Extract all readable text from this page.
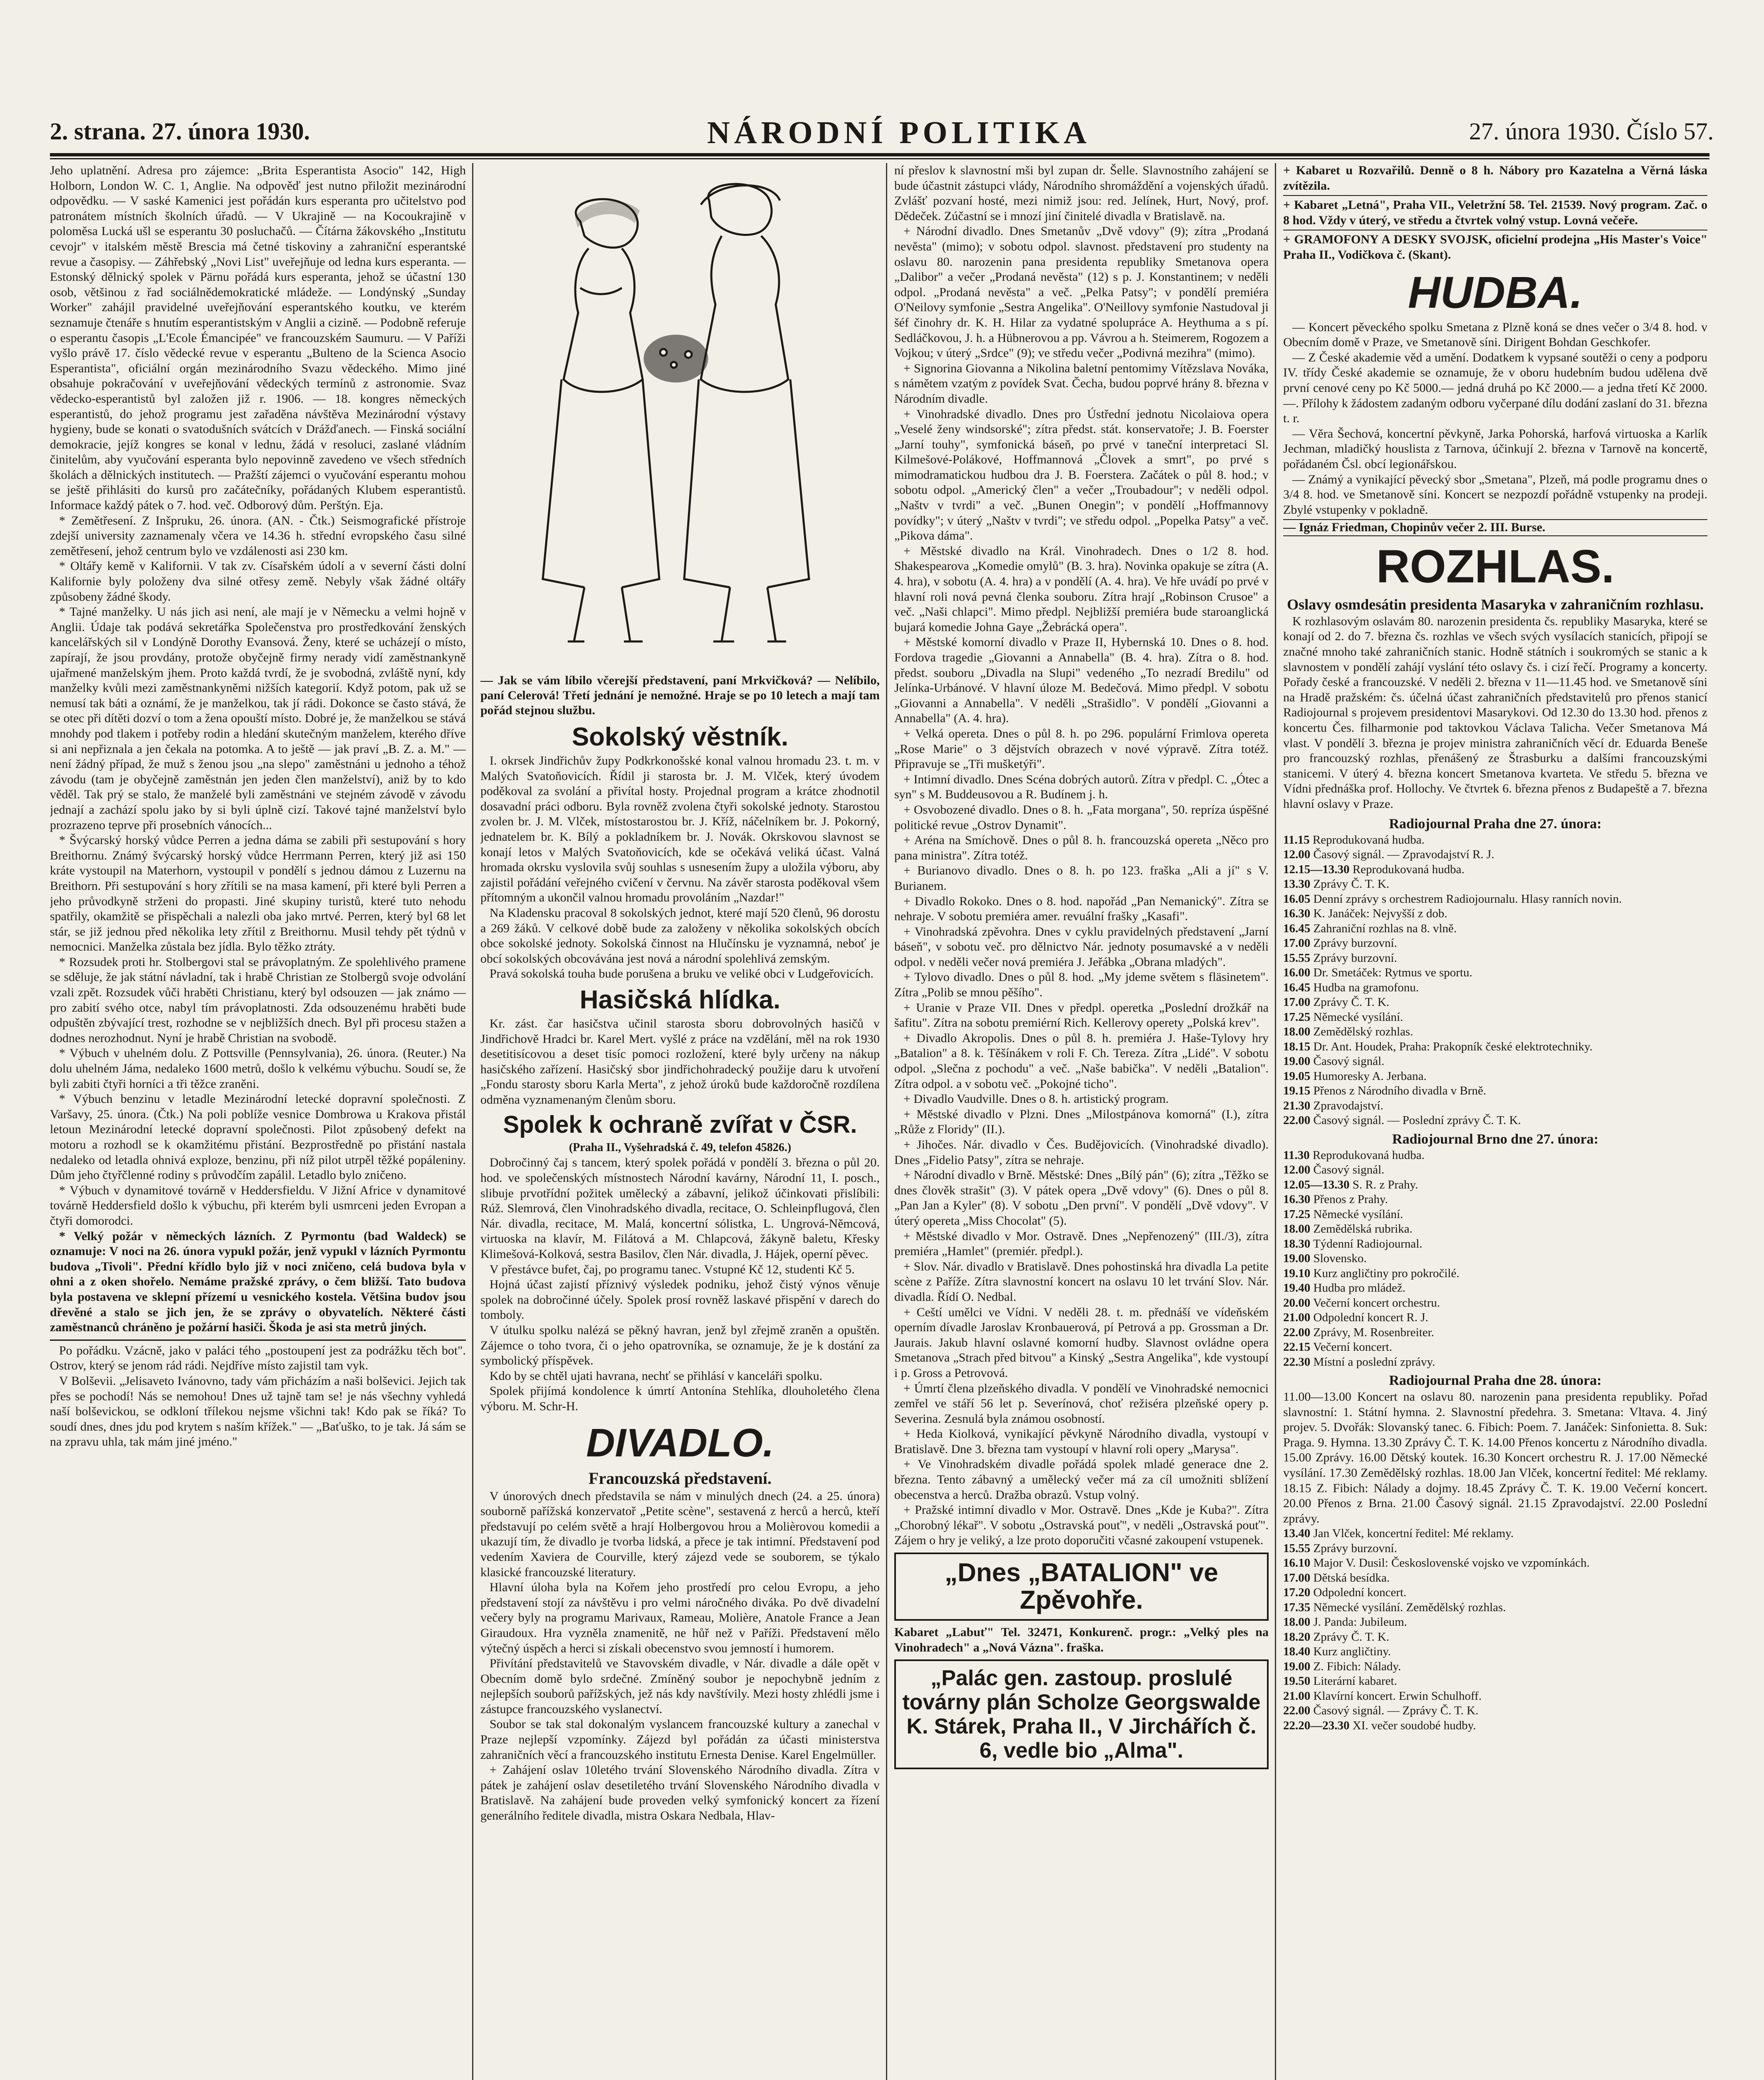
2. strana. 27. února 1930.	NÁRODNÍ POLITIKA	27. února 1930. Číslo 57.

Jeho uplatnění. Adresa pro zájemce: „Brita Esperantista Asocio" 142, High Holborn, London W. C. 1, Anglie. Na odpověď jest nutno přiložit mezinárodní odpovědku. — V saské Kamenici jest pořádán kurs esperanta pro učitelstvo pod patronátem místních školních úřadů. — V Ukrajině — na Kocoukrajině v poloměsa Lucká ušl se esperantu 30 posluchačů. — Čítárna žákovského „Institutu cevojr" v italském městě Brescia má četné tiskoviny a zahraniční esperantské revue a časopisy. — Záhřebský „Novi List" uveřejňuje od ledna kurs esperanta. — Estonský dělnický spolek v Pärnu pořádá kurs esperanta, jehož se účastní 130 osob, většinou z řad sociálnědemokratické mládeže. — Londýnský „Sunday Worker" zahájil pravidelné uveřejňování esperantského koutku, ve kterém seznamuje čtenáře s hnutím esperantistským v Anglii a cizině. — Podobně referuje o esperantu časopis „L'Ecole Émancipée" ve francouzském Saumuru. — V Paříži vyšlo právě 17. číslo vědecké revue v esperantu „Bulteno de la Scienca Asocio Esperantista", oficiální orgán mezinárodního Svazu vědeckého. Mimo jiné obsahuje pokračování v uveřejňování vědeckých termínů z astronomie. Svaz vědecko-esperantistů byl založen již r. 1906. — 18. kongres německých esperantistů, do jehož programu jest zařaděna návštěva Mezinárodní výstavy hygieny, bude se konati o svatodušních svátcích v Drážďanech. — Finská sociální demokracie, jejíž kongres se konal v lednu, žádá v resoluci, zaslané vládním činitelům, aby vyučování esperanta bylo nepovinně zavedeno ve všech středních školách a dělnických institutech. — Pražští zájemci o vyučování esperantu mohou se ještě přihlásiti do kursů pro začátečníky, pořádaných Klubem esperantistů. Informace každý pátek o 7. hod. več. Odborový dům. Perštýn. Eja.

* Zemětřesení. Z Inšpruku, 26. února. (AN. - Čtk.) Seismografické přístroje zdejší university zaznamenaly včera ve 14.36 h. střední evropského času silné zemětřesení, jehož centrum bylo ve vzdálenosti asi 230 km.

* Oltářy kemě v Kalifornii. V tak zv. Císařském údolí a v severní části dolní Kalifornie byly položeny dva silné otřesy země. Nebyly však žádné oltářy způsobeny žádné škody.

* Tajné manželky. U nás jich asi není, ale mají je v Německu a velmi hojně v Anglii. Údaje tak podává sekretářka Společenstva pro prostředkování ženských kancelářských sil v Londýně Dorothy Evansová. Ženy, které se ucházejí o místo, zapírají, že jsou provdány, protože obyčejně firmy nerady vidí zaměstnankyně ujařmené manželským jhem. Proto každá tvrdí, že je svobodná, zvláště nyní, kdy manželky kvůli mezi zaměstnankyněmi nižších kategorií. Když potom, pak už se nemusí tak báti a oznámí, že je manželkou, tak jí rádi. Dokonce se často stává, že se otec při dítěti dozví o tom a žena opouští místo. Dobré je, že manželkou se stává mnohdy pod tlakem i potřeby rodin a hledání skutečným manželem, kterého dříve si ani nepřiznala a jen čekala na potomka. A to ještě — jak praví „B. Z. a. M." — není žádný případ, že muž s ženou jsou „na slepo" zaměstnáni u jednoho a téhož závodu (tam je obyčejně zaměstnán jen jeden člen manželství), aniž by to kdo věděl. Tak prý se stalo, že manželé byli zaměstnáni ve stejném závodě v závodu jednají a zachází spolu jako by si byli úplně cizí. Takové tajné manželství bylo prozrazeno teprve při prosebních vánocích...

* Švýcarský horský vůdce Perren a jedna dáma se zabili při sestupování s hory Breithornu. Známý švýcarský horský vůdce Herrmann Perren, který již asi 150 kráte vystoupil na Materhorn, vystoupil v pondělí s jednou dámou z Luzernu na Breithorn. Při sestupování s hory zřítili se na masa kamení, při které byli Perren a jeho průvodkyně strženi do propasti. Jiné skupiny turistů, které tuto nehodu spatřily, okamžitě se přispěchali a nalezli oba jako mrtvé. Perren, který byl 68 let stár, se již jednou před několika lety zřítil z Breithornu. Musil tehdy pět týdnů v nemocnici. Manželka zůstala bez jídla. Bylo těžko ztráty.

* Rozsudek proti hr. Stolbergovi stal se právoplatným. Ze spolehlivého pramene se sděluje, že jak státní návladní, tak i hrabě Christian ze Stolbergů svoje odvolání vzali zpět. Rozsudek vůči hraběti Christianu, který byl odsouzen — jak známo — pro zabití svého otce, nabyl tím právoplatnosti. Zda odsouzenému hraběti bude odpuštěn zbývající trest, rozhodne se v nejbližších dnech. Byl při procesu stažen a dodnes nerozhodnut. Nyní je hrabě Christian na svobodě.

* Výbuch v uhelném dolu. Z Pottsville (Pennsylvania), 26. února. (Reuter.) Na dolu uhelném Jáma, nedaleko 1600 metrů, došlo k velkému výbuchu. Soudí se, že byli zabiti čtyři horníci a tři těžce zraněni.

* Výbuch benzinu v letadle Mezinárodní letecké dopravní společnosti. Z Varšavy, 25. února. (Čtk.) Na poli poblíže vesnice Dombrowa u Krakova přistál letoun Mezinárodní letecké dopravní společnosti. Pilot způsobený defekt na motoru a rozhodl se k okamžitému přistání. Bezprostředně po přistání nastala nedaleko od letadla ohnivá exploze, benzinu, při níž pilot utrpěl těžké popáleniny. Dům jeho čtyřčlenné rodiny s průvodčím zapálil. Letadlo bylo zničeno.

* Výbuch v dynamitové továrně v Heddersfieldu. V Jižní Africe v dynamitové továrně Heddersfield došlo k výbuchu, při kterém byli usmrceni jeden Evropan a čtyři domorodci.

* Velký požár v německých lázních. Z Pyrmontu (bad Waldeck) se oznamuje: V noci na 26. února vypukl požár, jenž vypukl v lázních Pyrmontu budova „Tivoli". Přední křídlo bylo již v noci zničeno, celá budova byla v ohni a z oken shořelo. Nemáme pražské zprávy, o čem bližší. Tato budova byla postavena ve sklepní přízemí u vesnického kostela. Většina budov jsou dřevěné a stalo se jich jen, že se zprávy o obyvatelích. Některé části zaměstnanců chráněno je požární hasiči. Škoda je asi sta metrů jiných.

Po pořádku. Vzácně, jako v paláci tého „postoupení jest za podrážku těch bot". Ostrov, který se jenom rád rádi. Nejdříve místo zajistil tam vyk.

V Bolševii. „Jelisaveto Ivánovno, tady vám přicházím a naši bolševici. Jejich tak přes se pochodí! Nás se nemohou! Dnes už tajně tam se! je nás všechny vyhledá naší bolševickou, se odkloní třílekou nejsme všichni tak! Kdo pak se říká? To soudí dnes, dnes jdu pod krytem s naším křížek." — „Baťuško, to je tak. Já sám se na zpravu uhla, tak mám jiné jméno."

— Jak se vám líbilo včerejší představení, paní Mrkvičková? — Nelíbilo, paní Celerová! Třetí jednání je nemožné. Hraje se po 10 letech a mají tam pořád stejnou službu.

Sokolský věstník.

I. okrsek Jindřichův župy Podkrkonošské konal valnou hromadu 23. t. m. v Malých Svatoňovicích. Řídil ji starosta br. J. M. Vlček, který úvodem poděkoval za svolání a přivítal hosty. Projednal program a krátce zhodnotil dosavadní práci odboru. Byla rovněž zvolena čtyři sokolské jednoty. Starostou zvolen br. J. M. Vlček, místostarostou br. J. Kříž, náčelníkem br. J. Pokorný, jednatelem br. K. Bílý a pokladníkem br. J. Novák. Okrskovou slavnost se konají letos v Malých Svatoňovicích, kde se očekává veliká účast. Valná hromada okrsku vyslovila svůj souhlas s usnesením župy a uložila výboru, aby zajistil pořádání veřejného cvičení v červnu. Na závěr starosta poděkoval všem přítomným a ukončil valnou hromadu provoláním „Nazdar!"

Na Kladensku pracoval 8 sokolských jednot, které mají 520 členů, 96 dorostu a 269 žáků. V celkové době bude za založeny v několika sokolských obcích obce sokolské jednoty. Sokolská činnost na Hlučínsku je vyznamná, neboť je obcí sokolských obcovávána jest nová a národní spolehlivá zemským.

Pravá sokolská touha bude porušena a bruku ve veliké obci v Ludgeřovicích.

Hasičská hlídka.

Kr. zást. čar hasičstva učinil starosta sboru dobrovolných hasičů v Jindřichově Hradci br. Karel Mert. vyšlé z práce na vzdělání, měl na rok 1930 desetitisícovou a deset tisíc pomoci rozložení, které byly určeny na nákup hasičského zařízení. Hasičský sbor jindřichohradecký použije daru k utvoření „Fondu starosty sboru Karla Merta", z jehož úroků bude každoročně rozdílena odměna vyznamenaným členům sboru.

Spolek k ochraně zvířat v ČSR.
(Praha II., Vyšehradská č. 49, telefon 45826.)

Dobročinný čaj s tancem, který spolek pořádá v pondělí 3. března o půl 20. hod. ve společenských místnostech Národní kavárny, Národní 11, I. posch., slibuje prvotřídní požitek umělecký a zábavní, jelikož účinkovati přislíbili: Rúž. Slemrová, člen Vinohradského divadla, recitace, O. Schleinpflugová, člen Nár. divadla, recitace, M. Malá, koncertní sólistka, L. Ungrová-Němcová, virtuoska na klavír, M. Filátová a M. Chlapcová, žákyně baletu, Křesky Klimešová-Kolková, sestra Basilov, člen Nár. divadla, J. Hájek, operní pěvec.

V přestávce bufet, čaj, po programu tanec. Vstupné Kč 12, studenti Kč 5.

Hojná účast zajistí příznivý výsledek podniku, jehož čistý výnos věnuje spolek na dobročinné účely. Spolek prosí rovněž laskavé přispění v darech do tomboly.

V útulku spolku nalézá se pěkný havran, jenž byl zřejmě zraněn a opuštěn. Zájemce o toho tvora, či o jeho opatrovníka, se oznamuje, že je k dostání za symbolický příspěvek.

Kdo by se chtěl ujati havrana, nechť se přihlásí v kanceláři spolku.

Spolek přijímá kondolence k úmrtí Antonína Stehlíka, dlouholetého člena výboru. M. Schr-H.

DIVADLO.
Francouzská představení.

V únorových dnech představila se nám v minulých dnech (24. a 25. února) souborně pařížská konzervatoř „Petite scène", sestavená z herců a herců, kteří představují po celém světě a hrají Holbergovou hrou a Molièrovou komedii a ukazují tím, že divadlo je tvorba lidská, a přece je tak intimní. Představení pod vedením Xaviera de Courville, který zájezd vede se souborem, se týkalo klasické francouzské literatury.

Hlavní úloha byla na Kořem jeho prostředí pro celou Evropu, a jeho představení stojí za návštěvu i pro velmi náročného diváka. Po dvě divadelní večery byly na programu Marivaux, Rameau, Molière, Anatole France a Jean Giraudoux. Hra vyzněla znamenitě, ne hůř než v Paříži. Představení mělo výtečný úspěch a herci si získali obecenstvo svou jemností i humorem.

Přivítání představitelů ve Stavovském divadle, v Nár. divadle a dále opět v Obecním domě bylo srdečné. Zmíněný soubor je nepochybně jedním z nejlepších souborů pařížských, jež nás kdy navštívily. Mezi hosty zhlédli jsme i zástupce francouzského vyslanectví.

Soubor se tak stal dokonalým vyslancem francouzské kultury a zanechal v Praze nejlepší vzpomínky. Zájezd byl pořádán za účasti ministerstva zahraničních věcí a francouzského institutu Ernesta Denise. Karel Engelmüller.

+ Zahájení oslav 10letého trvání Slovenského Národního divadla. Zítra v pátek je zahájení oslav desetiletého trvání Slovenského Národního divadla v Bratislavě. Na zahájení bude proveden velký symfonický koncert za řízení generálního ředitele divadla, mistra Oskara Nedbala, Hlav-

ní přeslov k slavnostní mši byl zupan dr. Šelle. Slavnostního zahájení se bude účastnit zástupci vlády, Národního shromáždění a vojenských úřadů. Zvlášť pozvaní hosté, mezi nimiž jsou: red. Jelínek, Hurt, Nový, prof. Dědeček. Zúčastní se i mnozí jiní činitelé divadla v Bratislavě. na.

+ Národní divadlo. Dnes Smetanův „Dvě vdovy" (9); zítra „Prodaná nevěsta" (mimo); v sobotu odpol. slavnost. představení pro studenty na oslavu 80. narozenin pana presidenta republiky Smetanova opera „Dalibor" a večer „Prodaná nevěsta" (12) s p. J. Konstantinem; v neděli odpol. „Prodaná nevěsta" a več. „Pelka Patsy"; v pondělí premiéra O'Neilovy symfonie „Sestra Angelika". O'Neillovy symfonie Nastudoval ji šéf činohry dr. K. H. Hilar za vydatné spolupráce A. Heythuma a s pí. Sedláčkovou, J. h. a Hübnerovou a pp. Vávrou a h. Steimerem, Rogozem a Vojkou; v úterý „Srdce" (9); ve středu večer „Podivná mezihra" (mimo).

+ Signorina Giovanna a Nikolina baletní pentomimy Vítězslava Nováka, s námětem vzatým z povídek Svat. Čecha, budou poprvé hrány 8. března v Národním divadle.

+ Vinohradské divadlo. Dnes pro Ústřední jednotu Nicolaiova opera „Veselé ženy windsorské"; zítra předst. stát. konservatoře; J. B. Foerster „Jarní touhy", symfonická báseň, po prvé v taneční interpretaci Sl. Kilmešové-Polákové, Hoffmannová „Človek a smrt", po prvé s mimodramatickou hudbou dra J. B. Foerstera. Začátek o půl 8. hod.; v sobotu odpol. „Americký člen" a večer „Troubadour"; v neděli odpol. „Naštv v tvrdi" a več. „Bunen Onegin"; v pondělí „Hoffmannovy povídky"; v úterý „Naštv v tvrdi"; ve středu odpol. „Popelka Patsy" a več. „Pikova dáma".

+ Městské divadlo na Král. Vinohradech. Dnes o 1/2 8. hod. Shakespearova „Komedie omylů" (B. 3. hra). Novinka opakuje se zítra (A. 4. hra), v sobotu (A. 4. hra) a v pondělí (A. 4. hra). Ve hře uvádí po prvé v hlavní roli nová pevná členka souboru. Zítra hrají „Robinson Crusoe" a več. „Naši chlapci". Mimo předpl. Nejbližší premiéra bude staroanglická bujará komedie Johna Gaye „Žebrácká opera".

+ Městské komorní divadlo v Praze II, Hybernská 10. Dnes o 8. hod. Fordova tragedie „Giovanni a Annabella" (B. 4. hra). Zítra o 8. hod. předst. souboru „Divadla na Slupi" vedeného „To nezradí Bredilu" od Jelínka-Urbánové. V hlavní úloze M. Bedečová. Mimo předpl. V sobotu „Giovanni a Annabella". V neděli „Strašidlo". V pondělí „Giovanni a Annabella" (A. 4. hra).

+ Velká operetа. Dnes o půl 8. h. po 296. populární Frimlova opereta „Rose Marie" o 3 dějstvích obrazech v nové výpravě. Zítra totéž. Připravuje se „Tři mušketýři".

+ Intimní divadlo. Dnes Scéna dobrých autorů. Zítra v předpl. C. „Ótec a syn" s M. Buddeusovou a R. Budínem j. h.

+ Osvobozené divadlo. Dnes o 8. h. „Fata morgana", 50. repríza úspěšné politické revue „Ostrov Dynamit".

+ Aréna na Smíchově. Dnes o půl 8. h. francouzská opereta „Něco pro pana ministra". Zítra totéž.

+ Burianovo divadlo. Dnes o 8. h. po 123. fraška „Ali a jí" s V. Burianem.

+ Divadlo Rokoko. Dnes o 8. hod. napořád „Pan Nemanický". Zítra se nehraje. V sobotu premiéra amer. revuální frašky „Kasafi".

+ Vinohradská zpěvohra. Dnes v cyklu pravidelných představení „Jarní báseň", v sobotu več. pro dělnictvo Nár. jednoty posumavské a v neděli odpol. v neděli večer nová premiéra J. Jeřábka „Obrana mladých".

+ Tylovo divadlo. Dnes o půl 8. hod. „My jdeme světem s fläsinetem". Zítra „Polib se mnou pěšího".

+ Uranie v Praze VII. Dnes v předpl. operetka „Poslední drožkář na šafitu". Zítra na sobotu premiérní Rich. Kellerovy operety „Polská krev".

+ Divadlo Akropolis. Dnes o půl 8. h. premiéra J. Haše-Tylovy hry „Batalion" a 8. k. Těšínákem v roli F. Ch. Tereza. Zítra „Lidé". V sobotu odpol. „Slečna z pochodu" a več. „Naše babička". V neděli „Batalion". Zítra odpol. a v sobotu več. „Pokojné ticho".

+ Divadlo Vaudville. Dnes o 8. h. artistický program.

+ Městské divadlo v Plzni. Dnes „Milostpánova komorná" (I.), zítra „Růže z Floridy" (II.).

+ Jihočes. Nár. divadlo v Čes. Budějovicích. (Vinohradské divadlo). Dnes „Fidelio Patsy", zítra se nehraje.

+ Národní divadlo v Brně. Městské: Dnes „Bílý pán" (6); zítra „Těžko se dnes člověk strašit" (3). V pátek opera „Dvě vdovy" (6). Dnes o půl 8. „Pan Jan a Kyler" (8). V sobotu „Den první". V pondělí „Dvě vdovy". V úterý opereta „Miss Chocolat" (5).

+ Městské divadlo v Mor. Ostravě. Dnes „Nepřenozený" (III./3), zítra premiéra „Hamlet" (premiér. předpl.).

+ Slov. Nár. divadlo v Bratislavě. Dnes pohostinská hra divadla La petite scène z Paříže. Zítra slavnostní koncert na oslavu 10 let trvání Slov. Nár. divadla. Řídí O. Nedbal.

+ Ceští umělci ve Vídni. V neděli 28. t. m. přednáší ve vídeňském operním dívadle Jaroslav Kronbauerová, pí Petrová a pp. Grossman a Dr. Jaurais. Jakub hlavní oslavné komorní hudby. Slavnost ovládne opera Smetanova „Strach před bitvou" a Kinský „Sestra Angelika", kde vystoupí i p. Gross a Petrovová.

+ Úmrtí člena plzeňského divadla. V pondělí ve Vinohradské nemocnici zemřel ve stáří 56 let p. Severínová, choť režiséra plzeňské opery p. Severina. Zesnulá byla známou osobností.

+ Heda Kiolková, vynikající pěvkyně Národního divadla, vystoupí v Bratislavě. Dne 3. března tam vystoupí v hlavní roli opery „Marysa".

+ Ve Vinohradském divadle pořádá spolek mladé generace dne 2. března. Tento zábavný a umělecký večer má za cíl umožniti sblížení obecenstva a herců. Dražba obrazů. Vstup volný.

+ Pražské intimní divadlo v Mor. Ostravě. Dnes „Kde je Kuba?". Zítra „Chorobný lékař". V sobotu „Ostravská pouť", v neděli „Ostravská pouť". Zájem o hry je veliký, a lze proto doporučiti včasné zakoupení vstupenek.

„Dnes „BATALION" ve Zpěvohře.

Kabaret „Labuť" Tel. 32471, Konkurenč. progr.: „Velký ples na Vinohradech" a „Nová Vázna". fraška.

„Palác gen. zastoup. proslulé továrny plán Scholze Georgswalde K. Stárek, Praha II., V Jirchářích č. 6, vedle bio „Alma".

+ Kabaret u Rozvařilů. Denně o 8 h. Nábory pro Kazatelna a Věrná láska zvítězila.

+ Kabaret „Letná", Praha VII., Veletržní 58. Tel. 21539. Nový program. Zač. o 8 hod. Vždy v úterý, ve středu a čtvrtek volný vstup. Lovná večeře.

+ GRAMOFONY A DESKY SVOJSK, oficielní prodejna „His Master's Voice" Praha II., Vodičkova č. (Skant).

HUDBA.

— Koncert pěveckého spolku Smetana z Plzně koná se dnes večer o 3/4 8. hod. v Obecním domě v Praze, ve Smetanově síni. Dirigent Bohdan Geschkofer.

— Z České akademie věd a umění. Dodatkem k vypsané soutěži o ceny a podporu IV. třídy České akademie se oznamuje, že v oboru hudebním budou udělena dvě první cenové ceny po Kč 5000.— jedná druhá po Kč 2000.— a jedna třetí Kč 2000.—. Přílohy k žádostem zadaným odboru vyčerpané dílu dodání zaslaní do 31. března t. r.

— Věra Šechová, koncertní pěvkyně, Jarka Pohorská, harfová virtuoska a Karlík Jechman, mladičký houslista z Tarnova, účinkují 2. března v Tarnově na koncertě, pořádaném Čsl. obcí legionářskou.

— Známý a vynikající pěvecký sbor „Smetana", Plzeň, má podle programu dnes o 3/4 8. hod. ve Smetanově síni. Koncert se nezpozdí pořádně vstupenky na prodeji. Zbylé vstupenky v pokladně.

— Ignáz Friedman, Chopinův večer 2. III. Burse.

ROZHLAS.
Oslavy osmdesátin presidenta Masaryka v zahraničním rozhlasu.

K rozhlasovým oslavám 80. narozenin presidenta čs. republiky Masaryka, které se konají od 2. do 7. března čs. rozhlas ve všech svých vysílacích stanicích, připojí se značné mnoho také zahraničních stanic. Hodně státních i soukromých se stanic a k slavnostem v pondělí zahájí vyslání této oslavy čs. i cizí řečí. Programy a koncerty. Pořady české a francouzské. V neděli 2. března v 11—11.45 hod. ve Smetanově síni na Hradě pražském: čs. účelná účast zahraničních představitelů pro přenos stanicí Radiojournal s projevem presidentovi Masarykovi. Od 12.30 do 13.30 hod. přenos z koncertu Čes. filharmonie pod taktovkou Václava Talicha. Večer Smetanova Má vlast. V pondělí 3. března je projev ministra zahraničních věcí dr. Eduarda Beneše pro francouzský rozhlas, přenášený ze Štrasburku a dalšími francouzskými stanicemi. V úterý 4. března koncert Smetanova kvarteta. Ve středu 5. března ve Vídni přednáška prof. Hollochy. Ve čtvrtek 6. března přenos z Budapeště a 7. března hlavní oslavy v Praze.

Radiojournal Praha dne 27. února:

11.15 Reprodukovaná hudba.

12.00 Časový signál. — Zpravodajství R. J.

12.15—13.30 Reprodukovaná hudba.

13.30 Zprávy Č. T. K.

16.05 Denní zprávy s orchestrem Radiojournalu. Hlasy ranních novin.

16.30 K. Janáček: Nejvyšší z dob.

16.45 Zahraniční rozhlas na 8. vlně.

17.00 Zprávy burzovní.

15.55 Zprávy burzovní.

16.00 Dr. Smetáček: Rytmus ve sportu.

16.45 Hudba na gramofonu.

17.00 Zprávy Č. T. K.

17.25 Německé vysílání.

18.00 Zemědělský rozhlas.

18.15 Dr. Ant. Houdek, Praha: Prakopník české elektrotechniky.

19.00 Časový signál.

19.05 Humoresky A. Jerbana.

19.15 Přenos z Národního divadla v Brně.

21.30 Zpravodajství.

22.00 Časový signál. — Poslední zprávy Č. T. K.

Radiojournal Brno dne 27. února:

11.30 Reprodukovaná hudba.

12.00 Časový signál.

12.05—13.30 S. R. z Prahy.

16.30 Přenos z Prahy.

17.25 Německé vysílání.

18.00 Zemědělská rubrika.

18.30 Týdenní Radiojournal.

19.00 Slovensko.

19.10 Kurz angličtiny pro pokročilé.

19.40 Hudba pro mládež.

20.00 Večerní koncert orchestru.

21.00 Odpolední koncert R. J.

22.00 Zprávy, M. Rosenbreiter.

22.15 Večerní koncert.

22.30 Místní a poslední zprávy.

Radiojournal Praha dne 28. února:

11.00—13.00 Koncert na oslavu 80. narozenin pana presidenta republiky. Pořad slavnostní: 1. Státní hymna. 2. Slavnostní předehra. 3. Smetana: Vltava. 4. Jiný projev. 5. Dvořák: Slovanský tanec. 6. Fibich: Poem. 7. Janáček: Sinfonietta. 8. Suk: Praga. 9. Hymna. 13.30 Zprávy Č. T. K. 14.00 Přenos koncertu z Národního divadla. 15.00 Zprávy. 16.00 Dětský koutek. 16.30 Koncert orchestru R. J. 17.00 Německé vysílání. 17.30 Zemědělský rozhlas. 18.00 Jan Vlček, koncertní ředitel: Mé reklamy. 18.15 Z. Fibich: Nálady a dojmy. 18.45 Zprávy Č. T. K. 19.00 Večerní koncert. 20.00 Přenos z Brna. 21.00 Časový signál. 21.15 Zpravodajství. 22.00 Poslední zprávy.

13.40 Jan Vlček, koncertní ředitel: Mé reklamy.

15.55 Zprávy burzovní.

16.10 Major V. Dusil: Československé vojsko ve vzpomínkách.

17.00 Dětská besídka.

17.20 Odpolední koncert.

17.35 Německé vysílání. Zemědělský rozhlas.

18.00 J. Panda: Jubileum.

18.20 Zprávy Č. T. K.

18.40 Kurz angličtiny.

19.00 Z. Fibich: Nálady.

19.50 Literární kabaret.

21.00 Klavírní koncert. Erwin Schulhoff.

22.00 Časový signál. — Zprávy Č. T. K.

22.20—23.30 XI. večer soudobé hudby.
